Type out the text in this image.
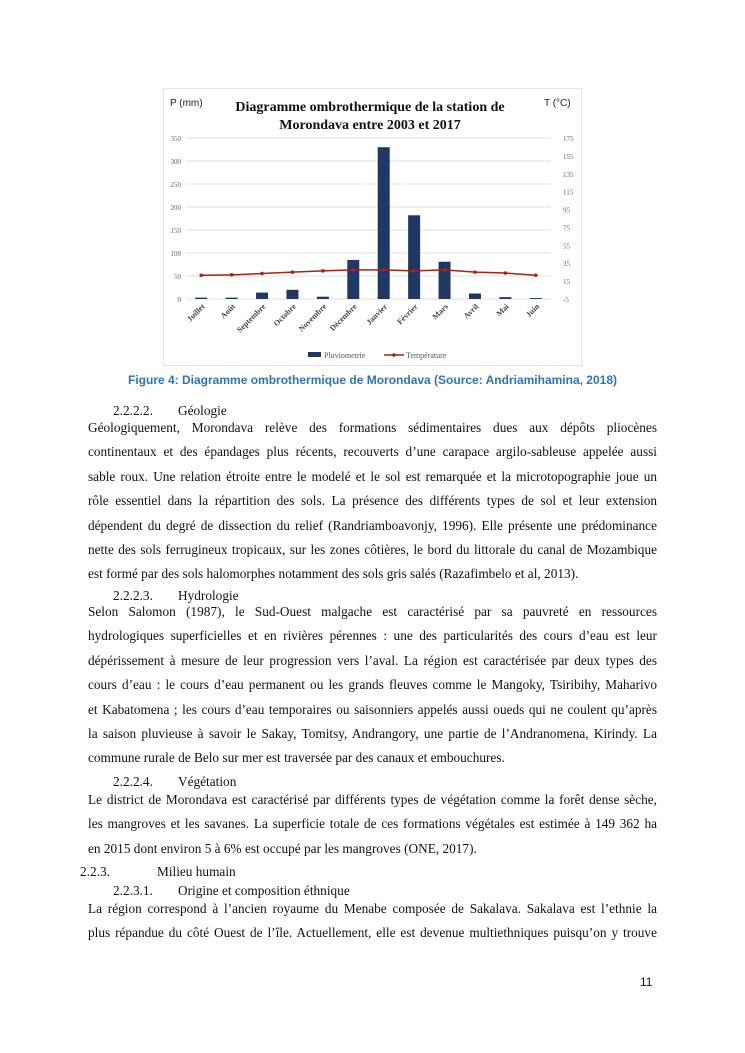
P (mm)	T (°C)
Diagramme ombrothermique de la station de
Morondava entre 2003 et 2017
0
50
100
150
200
250
300
350
-5
15
35
55
75
95
115
135
155
175
Juillet Août
Septembre Octobre Novembre Décembre Janvier Février Mars Avril Mai Juin
Pluviometrie	Température
Figure 4: Diagramme ombrothermique de Morondava (Source: Andriamihamina, 2018)
2.2.2.2. Géologie
Géologiquement, Morondava relève des formations sédimentaires dues aux dépôts pliocènes
continentaux et des épandages plus récents, recouverts d’une carapace argilo-sableuse appelée aussi
sable roux. Une relation étroite entre le modelé et le sol est remarquée et la microtopographie joue un
rôle essentiel dans la répartition des sols. La présence des différents types de sol et leur extension
dépendent du degré de dissection du relief (Randriamboavonjy, 1996). Elle présente une prédominance
nette des sols ferrugineux tropicaux, sur les zones côtières, le bord du littorale du canal de Mozambique
est formé par des sols halomorphes notamment des sols gris salés (Razafimbelo et al, 2013).
2.2.2.3. Hydrologie
Selon Salomon (1987), le Sud-Ouest malgache est caractérisé par sa pauvreté en ressources
hydrologiques superficielles et en rivières pérennes : une des particularités des cours d’eau est leur
dépérissement à mesure de leur progression vers l’aval. La région est caractérisée par deux types des
cours d’eau : le cours d’eau permanent ou les grands fleuves comme le Mangoky, Tsiribihy, Maharivo
et Kabatomena ; les cours d’eau temporaires ou saisonniers appelés aussi oueds qui ne coulent qu’après
la saison pluvieuse à savoir le Sakay, Tomitsy, Andrangory, une partie de l’Andranomena, Kirindy. La
commune rurale de Belo sur mer est traversée par des canaux et embouchures.
2.2.2.4. Végétation
Le district de Morondava est caractérisé par différents types de végétation comme la forêt dense sèche,
les mangroves et les savanes. La superficie totale de ces formations végétales est estimée à 149 362 ha
en 2015 dont environ 5 à 6% est occupé par les mangroves (ONE, 2017).
2.2.3.	Milieu humain
2.2.3.1. Origine et composition éthnique
La région correspond à l’ancien royaume du Menabe composée de Sakalava. Sakalava est l’ethnie la
plus répandue du côté Ouest de l’île. Actuellement, elle est devenue multiethniques puisqu’on y trouve
11
